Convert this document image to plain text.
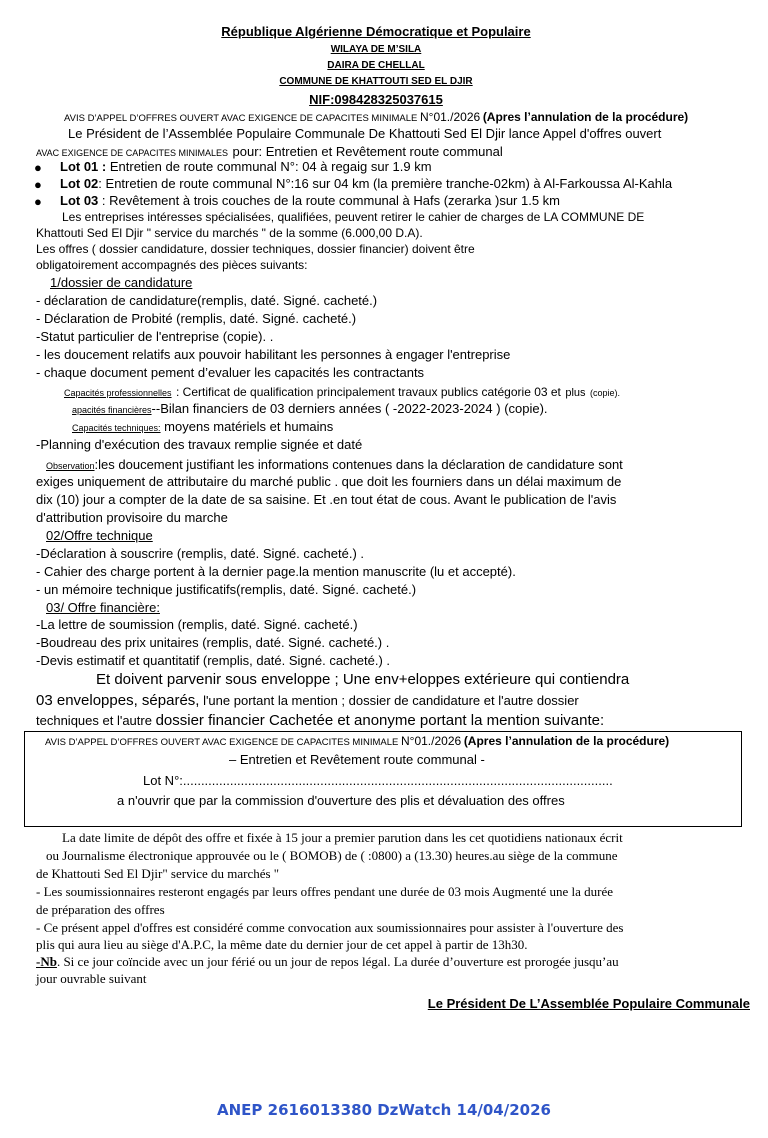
République Algérienne Démocratique et Populaire
WILAYA DE M’SILA
DAIRA DE CHELLAL
COMMUNE DE KHATTOUTI SED EL DJIR
NIF:098428325037615
AVIS D’APPEL D’OFFRES OUVERT AVAC EXIGENCE DE CAPACITES MINIMALE N°01./2026 (Apres l’annulation de la procédure)
Le Président de l’Assemblée Populaire Communale De Khattouti Sed El Djir lance Appel d'offres ouvert
AVAC EXIGENCE DE CAPACITES MINIMALES pour: Entretien et Revêtement route communal
● Lot 01 : Entretien de route communal N°: 04 à regaig sur 1.9 km
● Lot 02: Entretien de route communal N°:16 sur 04 km (la première tranche-02km) à Al-Farkoussa Al-Kahla
● Lot 03 : Revêtement à trois couches de la route communal à Hafs (zerarka )sur 1.5 km
Les entreprises intéresses spécialisées, qualifiées, peuvent retirer le cahier de charges de LA COMMUNE DE
Khattouti Sed El Djir " service du marchés " de la somme (6.000,00 D.A).
Les offres ( dossier candidature, dossier techniques, dossier financier) doivent être
obligatoirement accompagnés des pièces suivants:
1/dossier de candidature
- déclaration de candidature(remplis, daté. Signé. cacheté.)
- Déclaration de Probité (remplis, daté. Signé. cacheté.)
-Statut particulier de l'entreprise (copie). .
- les doucement relatifs aux pouvoir habilitant les personnes à engager l'entreprise
- chaque document pement d’evaluer les capacités les contractants
Capacités professionnelles : Certificat de qualification principalement travaux publics catégorie 03 et plus (copie).
apacités financières--Bilan financiers de 03 derniers années ( -2022-2023-2024 ) (copie).
Capacités techniques: moyens matériels et humains
-Planning d'exécution des travaux remplie signée et daté
Observation:les doucement justifiant les informations contenues dans la déclaration de candidature sont
exiges uniquement de attributaire du marché public . que doit les fourniers dans un délai maximum de
dix (10) jour a compter de la date de sa saisine. Et .en tout état de cous. Avant le publication de l'avis
d'attribution provisoire du marche
02/Offre technique
-Déclaration à souscrire (remplis, daté. Signé. cacheté.) .
- Cahier des charge portent à la dernier page.la mention manuscrite (lu et accepté).
- un mémoire technique justificatifs(remplis, daté. Signé. cacheté.)
03/ Offre financière:
-La lettre de soumission (remplis, daté. Signé. cacheté.)
-Boudreau des prix unitaires (remplis, daté. Signé. cacheté.) .
-Devis estimatif et quantitatif (remplis, daté. Signé. cacheté.) .
Et doivent parvenir sous enveloppe ; Une env+eloppes extérieure qui contiendra
03 enveloppes, séparés, l'une portant la mention ; dossier de candidature et l'autre dossier
techniques et l'autre dossier financier Cachetée et anonyme portant la mention suivante:
AVIS D’APPEL D’OFFRES OUVERT AVAC EXIGENCE DE CAPACITES MINIMALE N°01./2026 (Apres l’annulation de la procédure)
– Entretien et Revêtement route communal -
Lot N°:.......................................................................................................................
a n'ouvrir que par la commission d'ouverture des plis et dévaluation des offres
La date limite de dépôt des offre et fixée à 15 jour a premier parution dans les cet quotidiens nationaux écrit
ou Journalisme électronique approuvée ou le ( BOMOB) de ( :0800) a (13.30) heures.au siège de la commune
de Khattouti Sed El Djir" service du marchés "
- Les soumissionnaires resteront engagés par leurs offres pendant une durée de 03 mois Augmenté une la durée
de préparation des offres
- Ce présent appel d'offres est considéré comme convocation aux soumissionnaires pour assister à l'ouverture des
plis qui aura lieu au siège d'A.P.C, la même date du dernier jour de cet appel à partir de 13h30.
-Nb. Si ce jour coïncide avec un jour férié ou un jour de repos légal. La durée d’ouverture est prorogée jusqu’au
jour ouvrable suivant
Le Président De L’Assemblée Populaire Communale
ANEP 2616013380 DzWatch 14/04/2026
